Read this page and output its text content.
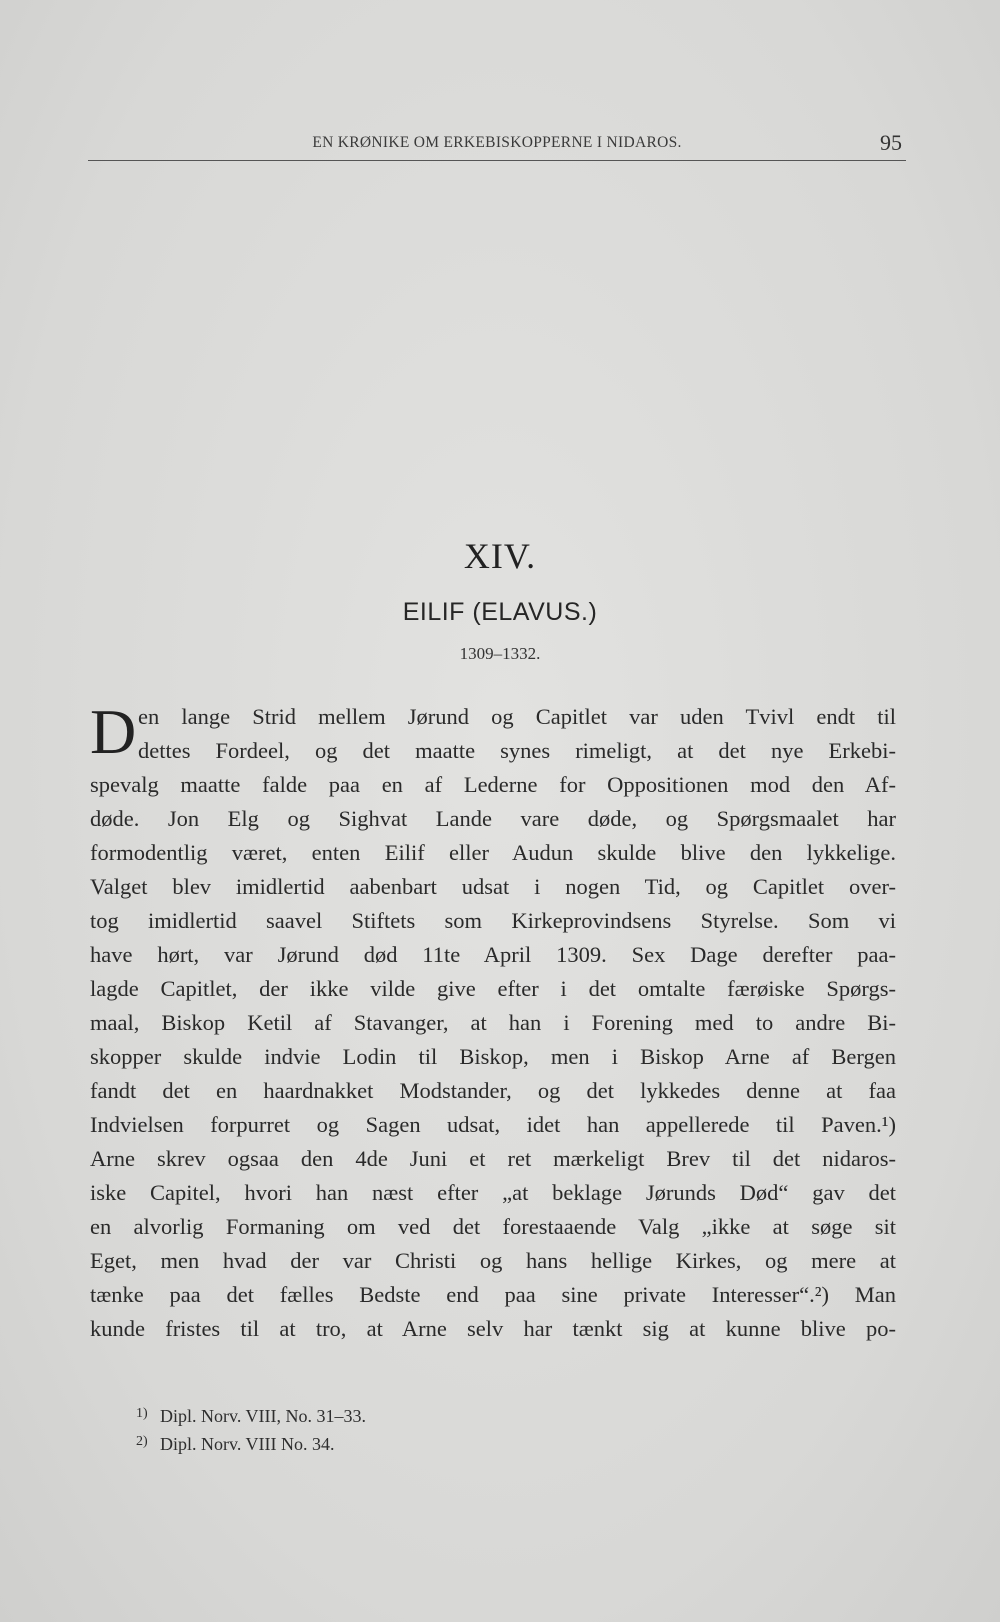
EN KRØNIKE OM ERKEBISKOPPERNE I NIDAROS.	95
XIV.
EILIF (ELAVUS.)
1309–1332.
D en lange Strid mellem Jørund og Capitlet var uden Tvivl endt til
dettes Fordeel, og det maatte synes rimeligt, at det nye Erkebi-
spevalg maatte falde paa en af Lederne for Oppositionen mod den Af-
døde. Jon Elg og Sighvat Lande vare døde, og Spørgsmaalet har
formodentlig været, enten Eilif eller Audun skulde blive den lykkelige.
Valget blev imidlertid aabenbart udsat i nogen Tid, og Capitlet over-
tog imidlertid saavel Stiftets som Kirkeprovindsens Styrelse. Som vi
have hørt, var Jørund død 11te April 1309. Sex Dage derefter paa-
lagde Capitlet, der ikke vilde give efter i det omtalte færøiske Spørgs-
maal, Biskop Ketil af Stavanger, at han i Forening med to andre Bi-
skopper skulde indvie Lodin til Biskop, men i Biskop Arne af Bergen
fandt det en haardnakket Modstander, og det lykkedes denne at faa
Indvielsen forpurret og Sagen udsat, idet han appellerede til Paven.¹)
Arne skrev ogsaa den 4de Juni et ret mærkeligt Brev til det nidaros-
iske Capitel, hvori han næst efter „at beklage Jørunds Død“ gav det
en alvorlig Formaning om ved det forestaaende Valg „ikke at søge sit
Eget, men hvad der var Christi og hans hellige Kirkes, og mere at
tænke paa det fælles Bedste end paa sine private Interesser“.²) Man
kunde fristes til at tro, at Arne selv har tænkt sig at kunne blive po-
1) Dipl. Norv. VIII, No. 31–33.
2) Dipl. Norv. VIII No. 34.
